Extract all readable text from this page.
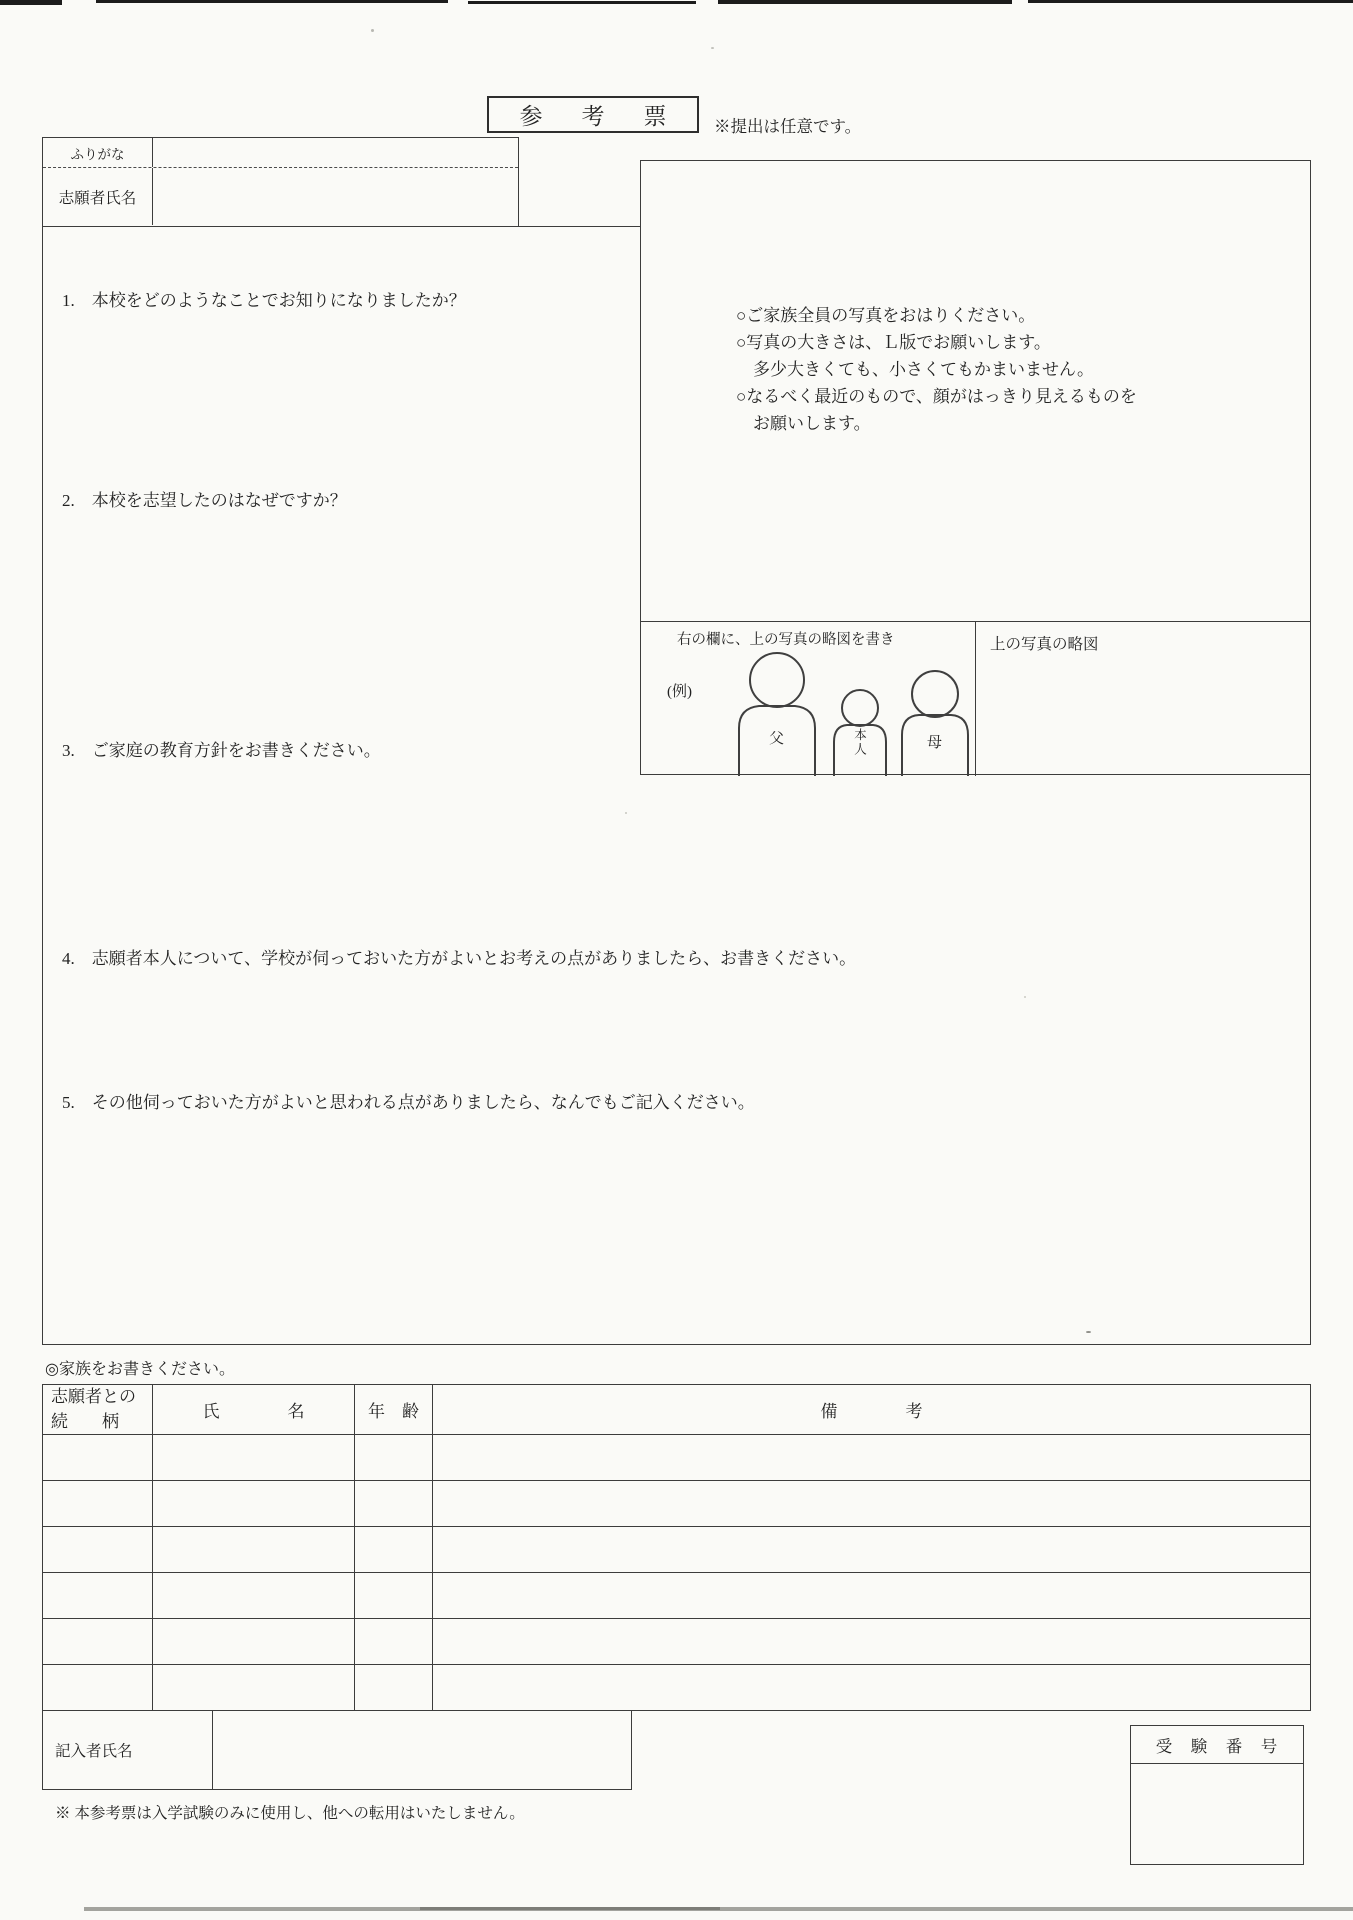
参　考　票 ※提出は任意です。
ふりがな
志願者氏名
1.　本校をどのようなことでお知りになりましたか？
2.　本校を志望したのはなぜですか？
3.　ご家庭の教育方針をお書きください。
4.　志願者本人について、学校が伺っておいた方がよいとお考えの点がありましたら、お書きください。
5.　その他伺っておいた方がよいと思われる点がありましたら、なんでもご記入ください。
○ご家族全員の写真をおはりください。
○写真の大きさは、Ｌ版でお願いします。
　多少大きくても、小さくてもかまいません。
○なるべく最近のもので、顔がはっきり見えるものを
　お願いします。
右の欄に、上の写真の略図を書き
(例)
父	本人	母
上の写真の略図
◎家族をお書きください。
志願者との
続　　柄	氏　　　　名	年　齢	備　　　　考

記入者氏名	受　験　番　号
※ 本参考票は入学試験のみに使用し、他への転用はいたしません。
